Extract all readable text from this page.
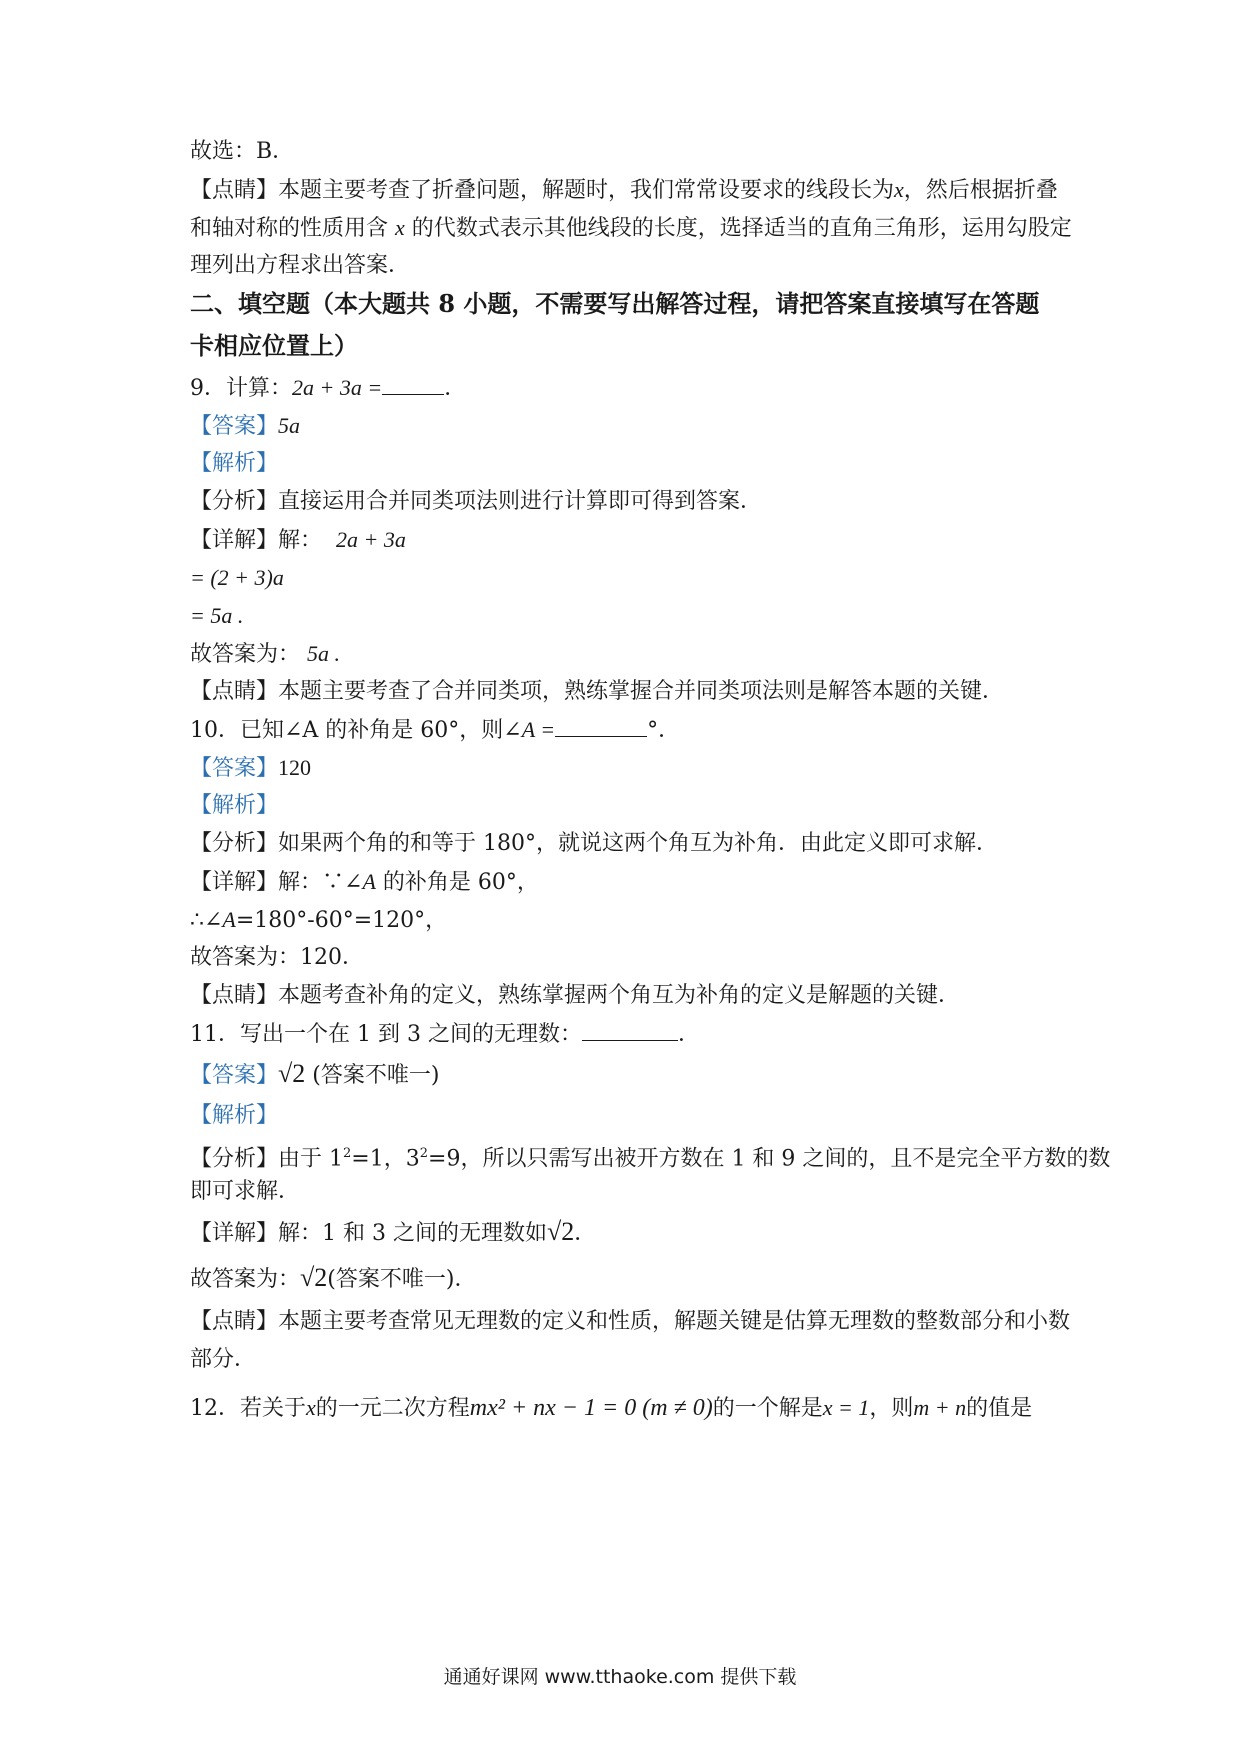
故选：B．
【点睛】本题主要考查了折叠问题，解题时，我们常常设要求的线段长为x，然后根据折叠
和轴对称的性质用含 x 的代数式表示其他线段的长度，选择适当的直角三角形，运用勾股定
理列出方程求出答案．
二、填空题（本大题共 8 小题，不需要写出解答过程，请把答案直接填写在答题
卡相应位置上）
9．计算：2a + 3a =	．
【答案】5a
【解析】
【分析】直接运用合并同类项法则进行计算即可得到答案．
【详解】解： 2a + 3a
= (2 + 3)a
= 5a .
故答案为： 5a .
【点睛】本题主要考查了合并同类项，熟练掌握合并同类项法则是解答本题的关键．
10．已知∠A 的补角是 60°，则∠A =	°．
【答案】120
【解析】
【分析】如果两个角的和等于 180°，就说这两个角互为补角．由此定义即可求解．
【详解】解：∵∠A 的补角是 60°，
∴∠A=180°-60°=120°，
故答案为：120．
【点睛】本题考查补角的定义，熟练掌握两个角互为补角的定义是解题的关键．
11．写出一个在 1 到 3 之间的无理数：	．
【答案】√2 (答案不唯一)
【解析】
【分析】由于 $1^2=1$，$3^2=9$，所以只需写出被开方数在 1 和 9 之间的，且不是完全平方数的数
即可求解．
【详解】解：1 和 3 之间的无理数如√2．
故答案为：√2(答案不唯一)．
【点睛】本题主要考查常见无理数的定义和性质，解题关键是估算无理数的整数部分和小数
部分．
12．若关于x的一元二次方程mx² + nx − 1 = 0 (m ≠ 0)的一个解是x = 1，则m + n的值是
通通好课网 www.tthaoke.com 提供下载
